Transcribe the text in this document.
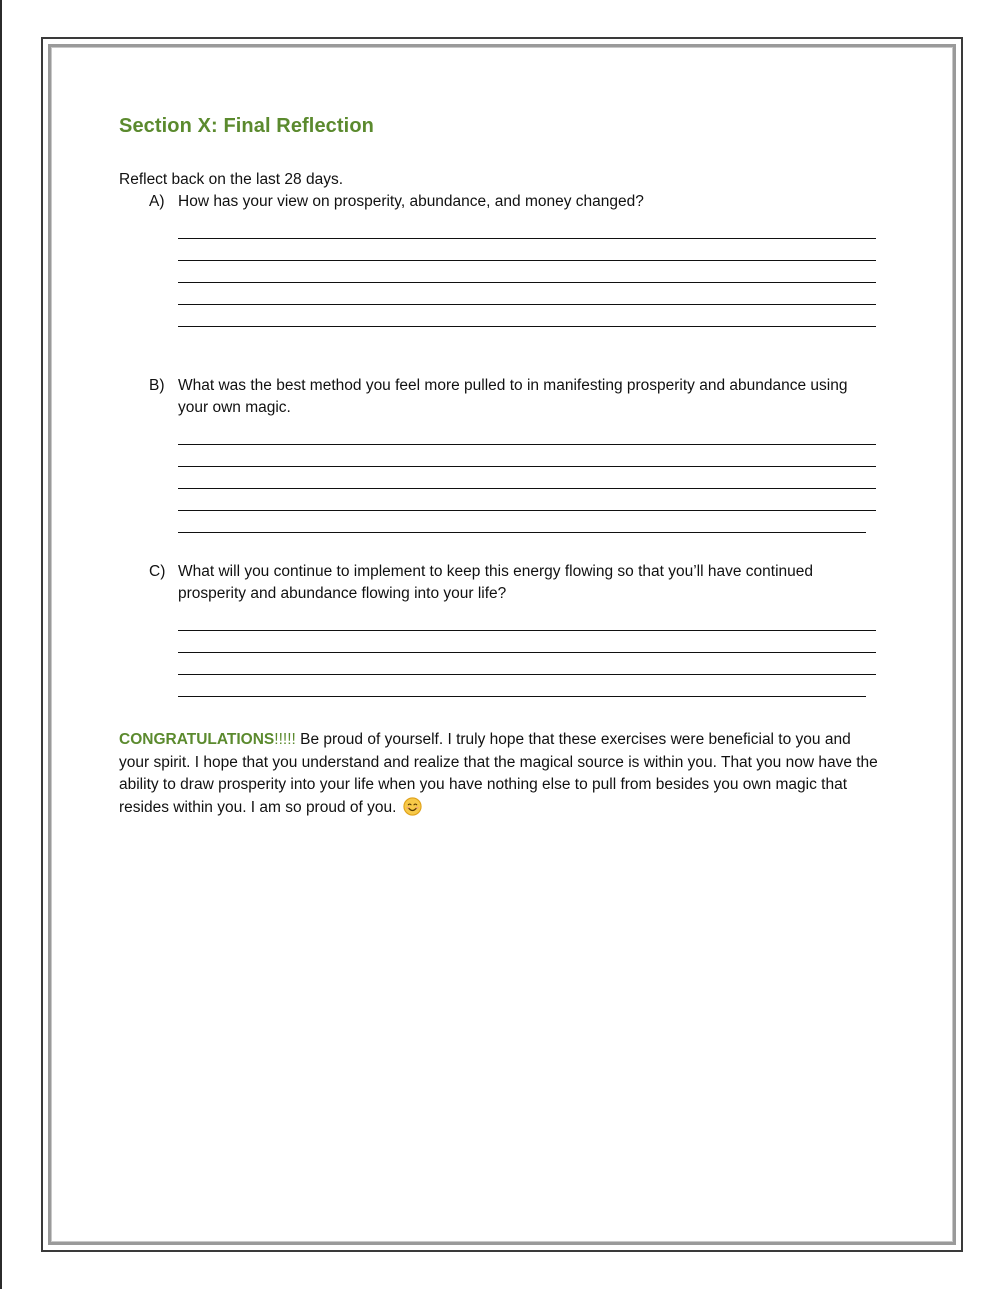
Section X: Final Reflection
Reflect back on the last 28 days.
A) How has your view on prosperity, abundance, and money changed?
B) What was the best method you feel more pulled to in manifesting prosperity and abundance using your own magic.
C) What will you continue to implement to keep this energy flowing so that you’ll have continued prosperity and abundance flowing into your life?

CONGRATULATIONS!!!!! Be proud of yourself. I truly hope that these exercises were beneficial to you and your spirit. I hope that you understand and realize that the magical source is within you. That you now have the ability to draw prosperity into your life when you have nothing else to pull from besides you own magic that resides within you. I am so proud of you.
